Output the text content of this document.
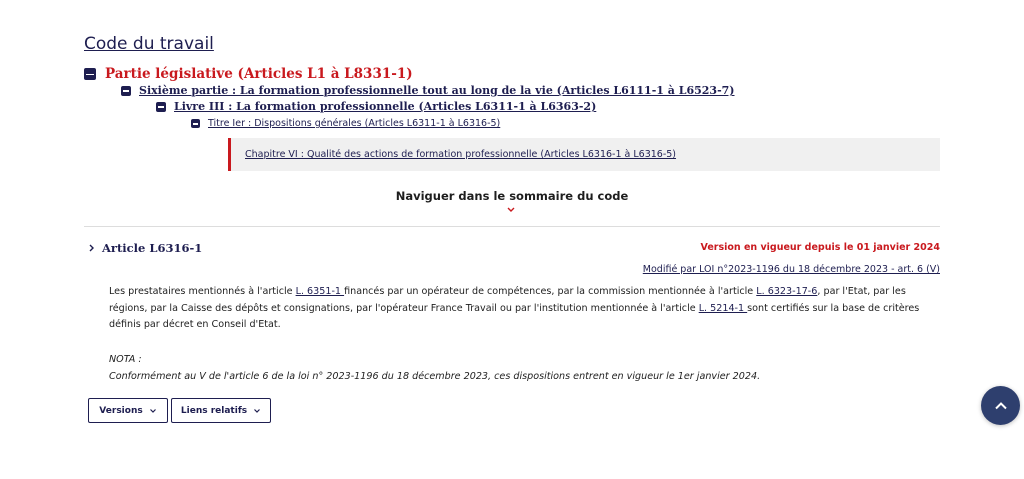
Code du travail
Partie législative (Articles L1 à L8331-1)
Sixième partie : La formation professionnelle tout au long de la vie (Articles L6111-1 à L6523-7)
Livre III : La formation professionnelle (Articles L6311-1 à L6363-2)
Titre Ier : Dispositions générales (Articles L6311-1 à L6316-5)
Chapitre VI : Qualité des actions de formation professionnelle (Articles L6316-1 à L6316-5)
Naviguer dans le sommaire du code
Article L6316-1	Version en vigueur depuis le 01 janvier 2024
Modifié par LOI n°2023-1196 du 18 décembre 2023 - art. 6 (V)
Les prestataires mentionnés à l'article L. 6351-1 financés par un opérateur de compétences, par la commission mentionnée à l'article L. 6323-17-6, par l'Etat, par les régions, par la Caisse des dépôts et consignations, par l'opérateur France Travail ou par l'institution mentionnée à l'article L. 5214-1 sont certifiés sur la base de critères définis par décret en Conseil d'Etat.
NOTA :
Conformément au V de l'article 6 de la loi n° 2023-1196 du 18 décembre 2023, ces dispositions entrent en vigueur le 1er janvier 2024.
Versions	Liens relatifs
